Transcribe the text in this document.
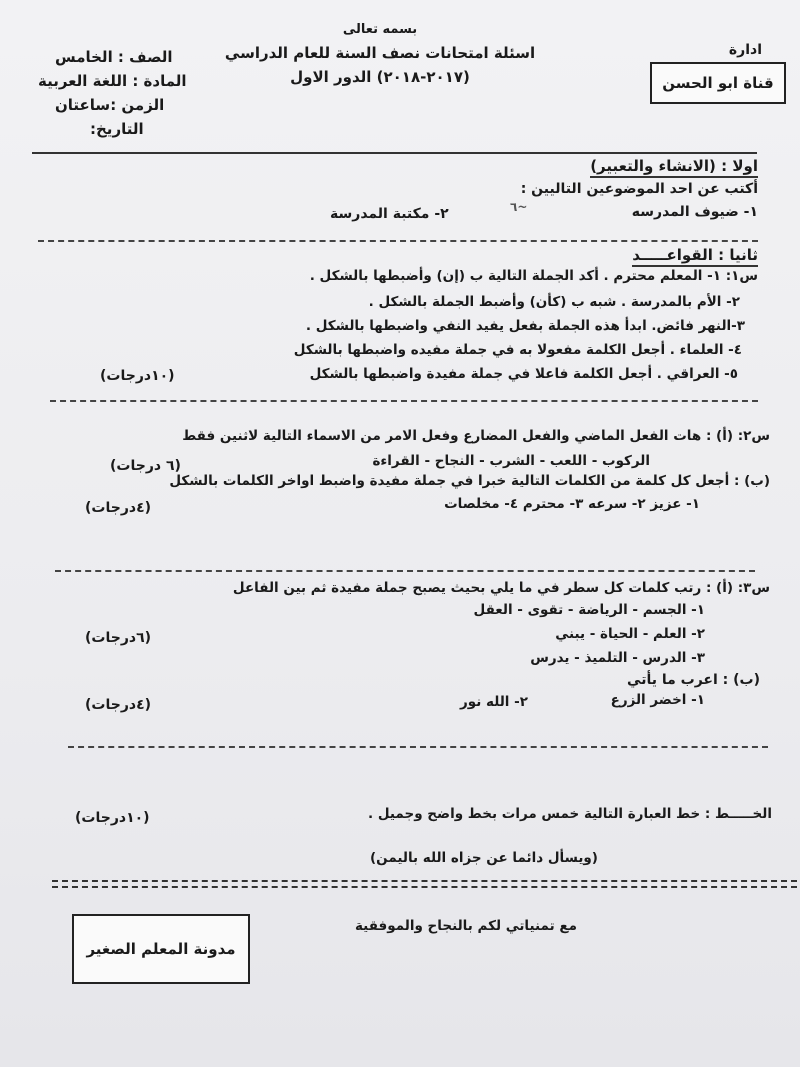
بسمه تعالى
اسئلة امتحانات نصف السنة للعام الدراسي
(٢٠١٧-٢٠١٨) الدور الاول
ادارة
قناة ابو الحسن
الصف : الخامس
المادة : اللغة العربية
الزمن :ساعتان
التاريخ:
اولا : (الانشاء والتعبير)
أكتب عن احد الموضوعين التاليين :
١- ضيوف المدرسه
~٦
٢- مكتبة المدرسة
ثانيا : القواعـــــد
س١: ١- المعلم محترم . أكد الجملة التالية ب (إن) وأضبطها بالشكل .
٢- الأم بالمدرسة . شبه ب (كأن) وأضبط الجملة بالشكل .
٣-النهر فائض. ابدأ هذه الجملة بفعل يفيد النفي واضبطها بالشكل .
٤- العلماء . أجعل الكلمة مفعولا به في جملة مفيده واضبطها بالشكل
٥- العراقي . أجعل الكلمة فاعلا في جملة مفيدة واضبطها بالشكل
(١٠درجات)
س٢: (أ) : هات الفعل الماضي والفعل المضارع وفعل الامر من الاسماء التالية لاثنين فقط
الركوب - اللعب - الشرب - النجاح - القراءة
(٦ درجات)
(ب) : أجعل كل كلمة من الكلمات التالية خبرا في جملة مفيدة واضبط اواخر الكلمات بالشكل
١- عزيز ٢- سرعه ٣- محترم ٤- مخلصات
(٤درجات)
س٣: (أ) : رتب كلمات كل سطر في ما يلي بحيث يصبح جملة مفيدة ثم بين الفاعل
١- الجسم - الرياضة - تقوى - العقل
٢- العلم - الحياة - يبني
٣- الدرس - التلميذ - يدرس
(٦درجات)
(ب) : اعرب ما يأتي
١- اخضر الزرع
٢- الله نور
(٤درجات)
الخـــــط : خط العبارة التالية خمس مرات بخط واضح وجميل .
(١٠درجات)
(ويسأل دائما عن جزاه الله باليمن)
مع تمنياتي لكم بالنجاح والموفقية
مدونة المعلم الصغير
